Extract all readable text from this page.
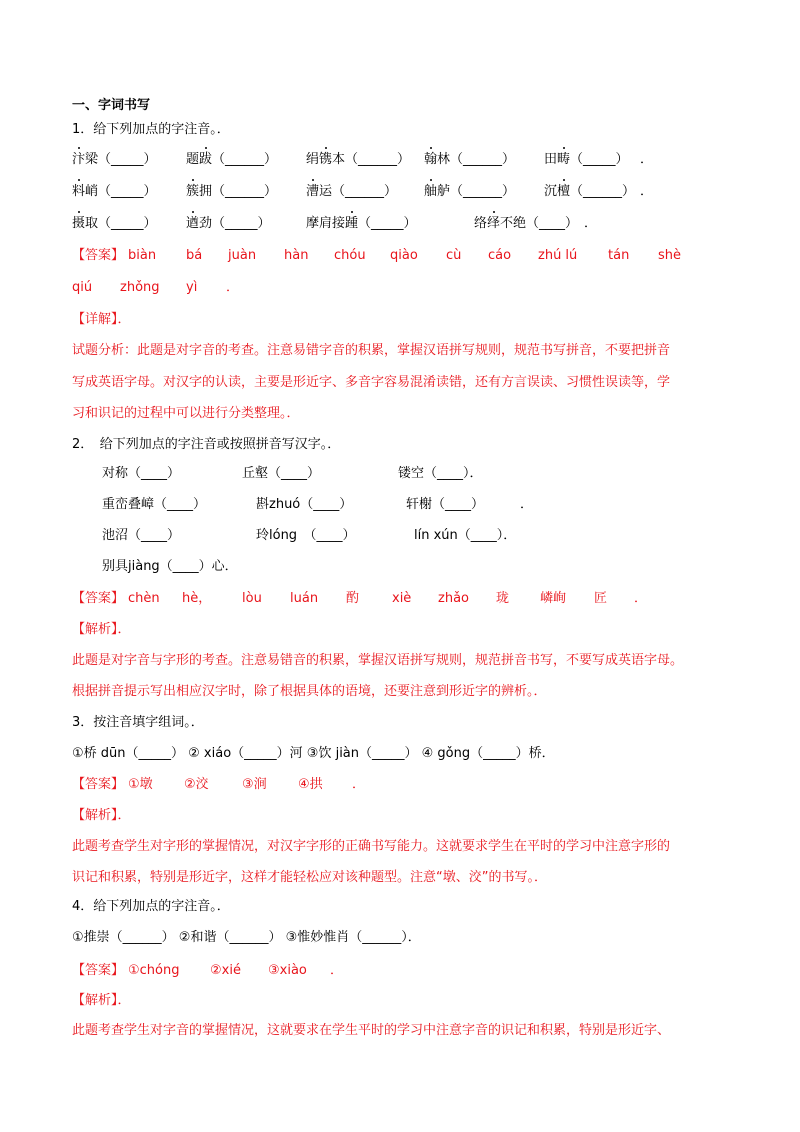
一、字词书写
1．给下列加点的字注音。．
汴梁（_____） 题跋（______） 绢镌本（______） 翰林（______） 田畴（_____） ．
料峭（_____） 簇拥（______） 漕运（______） 舳舻（______） 沉檀（______） ．
摄取（_____） 遒劲（_____）	摩肩接踵（_____）	络绎不绝（____） ．
【答案】 biàn bá juàn hàn chóu qiào cù cáo zhú lú tán shè
qiú zhǒng yì ．
【详解】．
试题分析：此题是对字音的考查。注意易错字音的积累，掌握汉语拼写规则，规范书写拼音，不要把拼音
写成英语字母。对汉字的认读，主要是形近字、多音字容易混淆读错，还有方言误读、习惯性误读等，学
习和识记的过程中可以进行分类整理。．
2．　给下列加点的字注音或按照拼音写汉字。．
对称（____）	丘壑（____）	镂空（____）．
重峦叠嶂（____）	斟zhuó（____）	轩榭（____）	．
池沼（____）	玲lóng　（____）	lín xún（____）．
别具jiàng（____）心．
【答案】 chèn hè， lòu luán 酌	xiè zhǎo 珑 嶙峋 匠 ．
【解析】．
此题是对字音与字形的考查。注意易错音的积累，掌握汉语拼写规则，规范拼音书写，不要写成英语字母。
根据拼音提示写出相应汉字时，除了根据具体的语境，还要注意到形近字的辨析。．
3．按注音填字组词。．
①桥 dūn（_____） ② xiáo（_____）河 ③饮 jiàn（_____） ④ gǒng（_____）桥．
【答案】 ①墩 ②洨	③涧 ④拱 ．
【解析】．
此题考查学生对字形的掌握情况，对汉字字形的正确书写能力。这就要求学生在平时的学习中注意字形的
识记和积累，特别是形近字，这样才能轻松应对该种题型。注意“墩、洨”的书写。．
4．给下列加点的字注音。．
①推崇（______） ②和谐（______） ③惟妙惟肖（______）．
【答案】 ①chóng ②xié ③xiào ．
【解析】．
此题考查学生对字音的掌握情况，这就要求在学生平时的学习中注意字音的识记和积累，特别是形近字、
